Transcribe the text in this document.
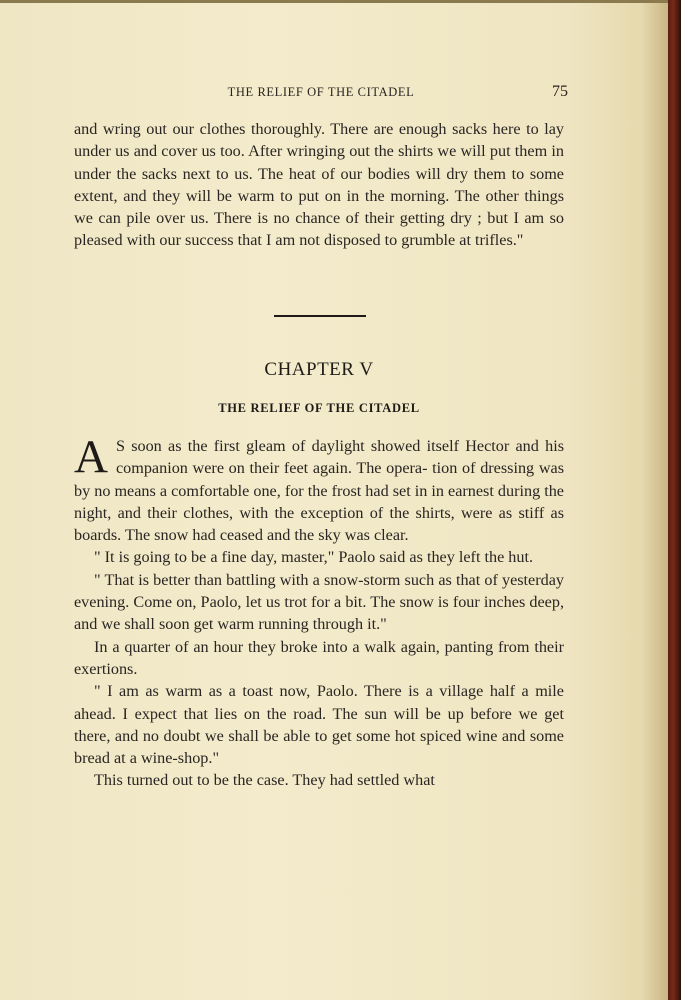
THE RELIEF OF THE CITADEL	75

and wring out our clothes thoroughly. There are enough sacks here to lay under us and cover us too. After wringing out the shirts we will put them in under the sacks next to us. The heat of our bodies will dry them to some extent, and they will be warm to put on in the morning. The other things we can pile over us. There is no chance of their getting dry ; but I am so pleased with our success that I am not disposed to grumble at trifles."

CHAPTER V
THE RELIEF OF THE CITADEL

A S soon as the first gleam of daylight showed itself Hector and his companion were on their feet again. The opera- tion of dressing was by no means a comfortable one, for the frost had set in in earnest during the night, and their clothes, with the exception of the shirts, were as stiff as boards. The snow had ceased and the sky was clear.

" It is going to be a fine day, master," Paolo said as they left the hut.

" That is better than battling with a snow-storm such as that of yesterday evening. Come on, Paolo, let us trot for a bit. The snow is four inches deep, and we shall soon get warm running through it."

In a quarter of an hour they broke into a walk again, panting from their exertions.

" I am as warm as a toast now, Paolo. There is a village half a mile ahead. I expect that lies on the road. The sun will be up before we get there, and no doubt we shall be able to get some hot spiced wine and some bread at a wine-shop."

This turned out to be the case. They had settled what
